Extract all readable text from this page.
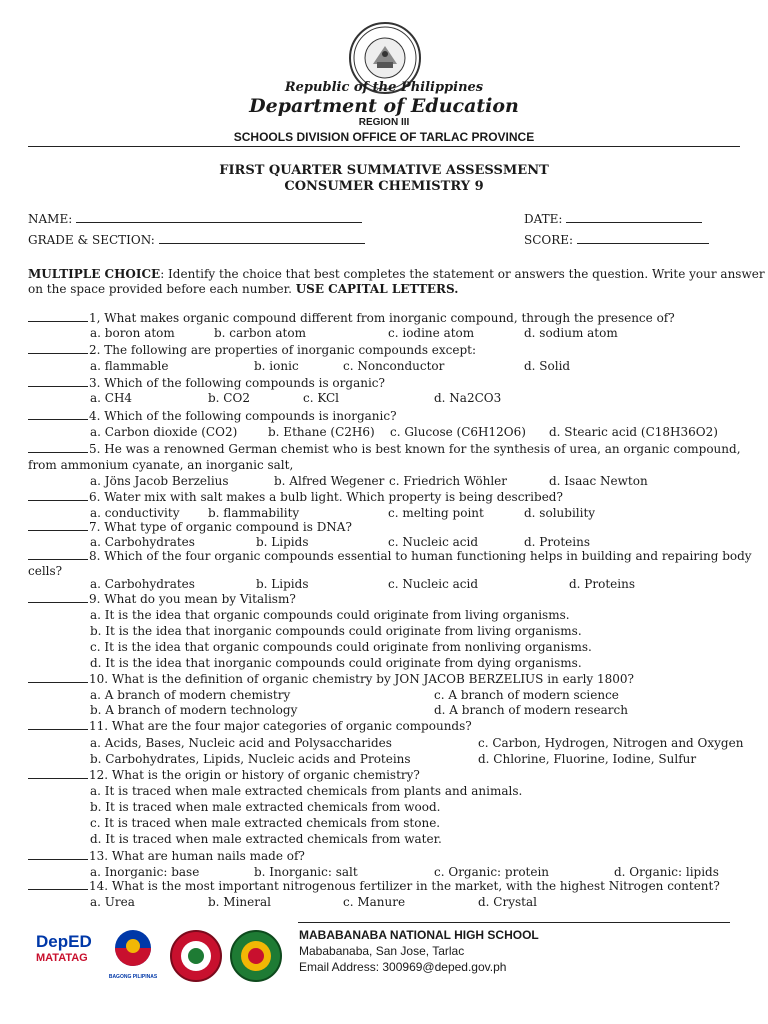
Republic of the Philippines
Department of Education
REGION III
SCHOOLS DIVISION OFFICE OF TARLAC PROVINCE
FIRST QUARTER SUMMATIVE ASSESSMENT
CONSUMER CHEMISTRY 9
NAME:	DATE:
GRADE & SECTION:	SCORE:
MULTIPLE CHOICE: Identify the choice that best completes the statement or answers the question. Write your answer
on the space provided before each number. USE CAPITAL LETTERS.
1, What makes organic compound different from inorganic compound, through the presence of?
a. boron atom	b. carbon atom	c. iodine atom	d. sodium atom
2. The following are properties of inorganic compounds except:
a. flammable	b. ionic	c. Nonconductor	d. Solid
3. Which of the following compounds is organic?
a. CH4	b. CO2	c. KCl	d. Na2CO3
4. Which of the following compounds is inorganic?
a. Carbon dioxide (CO2)	b. Ethane (C2H6) c. Glucose (C6H12O6) d. Stearic acid (C18H36O2)
5. He was a renowned German chemist who is best known for the synthesis of urea, an organic compound,
from ammonium cyanate, an inorganic salt,
a. Jöns Jacob Berzelius	b. Alfred Wegener c. Friedrich Wöhler	d. Isaac Newton
6. Water mix with salt makes a bulb light. Which property is being described?
a. conductivity b. flammability	c. melting point	d. solubility
7. What type of organic compound is DNA?
a. Carbohydrates	b. Lipids	c. Nucleic acid	d. Proteins
8. Which of the four organic compounds essential to human functioning helps in building and repairing body
cells?
a. Carbohydrates	b. Lipids	c. Nucleic acid	d. Proteins
9. What do you mean by Vitalism?
a. It is the idea that organic compounds could originate from living organisms.
b. It is the idea that inorganic compounds could originate from living organisms.
c. It is the idea that organic compounds could originate from nonliving organisms.
d. It is the idea that inorganic compounds could originate from dying organisms.
10. What is the definition of organic chemistry by JON JACOB BERZELIUS in early 1800?
a. A branch of modern chemistry	c. A branch of modern science
b. A branch of modern technology	d. A branch of modern research
11. What are the four major categories of organic compounds?
a. Acids, Bases, Nucleic acid and Polysaccharides	c. Carbon, Hydrogen, Nitrogen and Oxygen
b. Carbohydrates, Lipids, Nucleic acids and Proteins	d. Chlorine, Fluorine, Iodine, Sulfur
12. What is the origin or history of organic chemistry?
a. It is traced when male extracted chemicals from plants and animals.
b. It is traced when male extracted chemicals from wood.
c. It is traced when male extracted chemicals from stone.
d. It is traced when male extracted chemicals from water.
13. What are human nails made of?
a. Inorganic: base	b. Inorganic: salt	c. Organic: protein	d. Organic: lipids
14. What is the most important nitrogenous fertilizer in the market, with the highest Nitrogen content?
a. Urea	b. Mineral	c. Manure	d. Crystal
DepED
MATATAG
BAGONG PILIPINAS
MABABANABA NATIONAL HIGH SCHOOL
Mababanaba, San Jose, Tarlac
Email Address: 300969@deped.gov.ph
